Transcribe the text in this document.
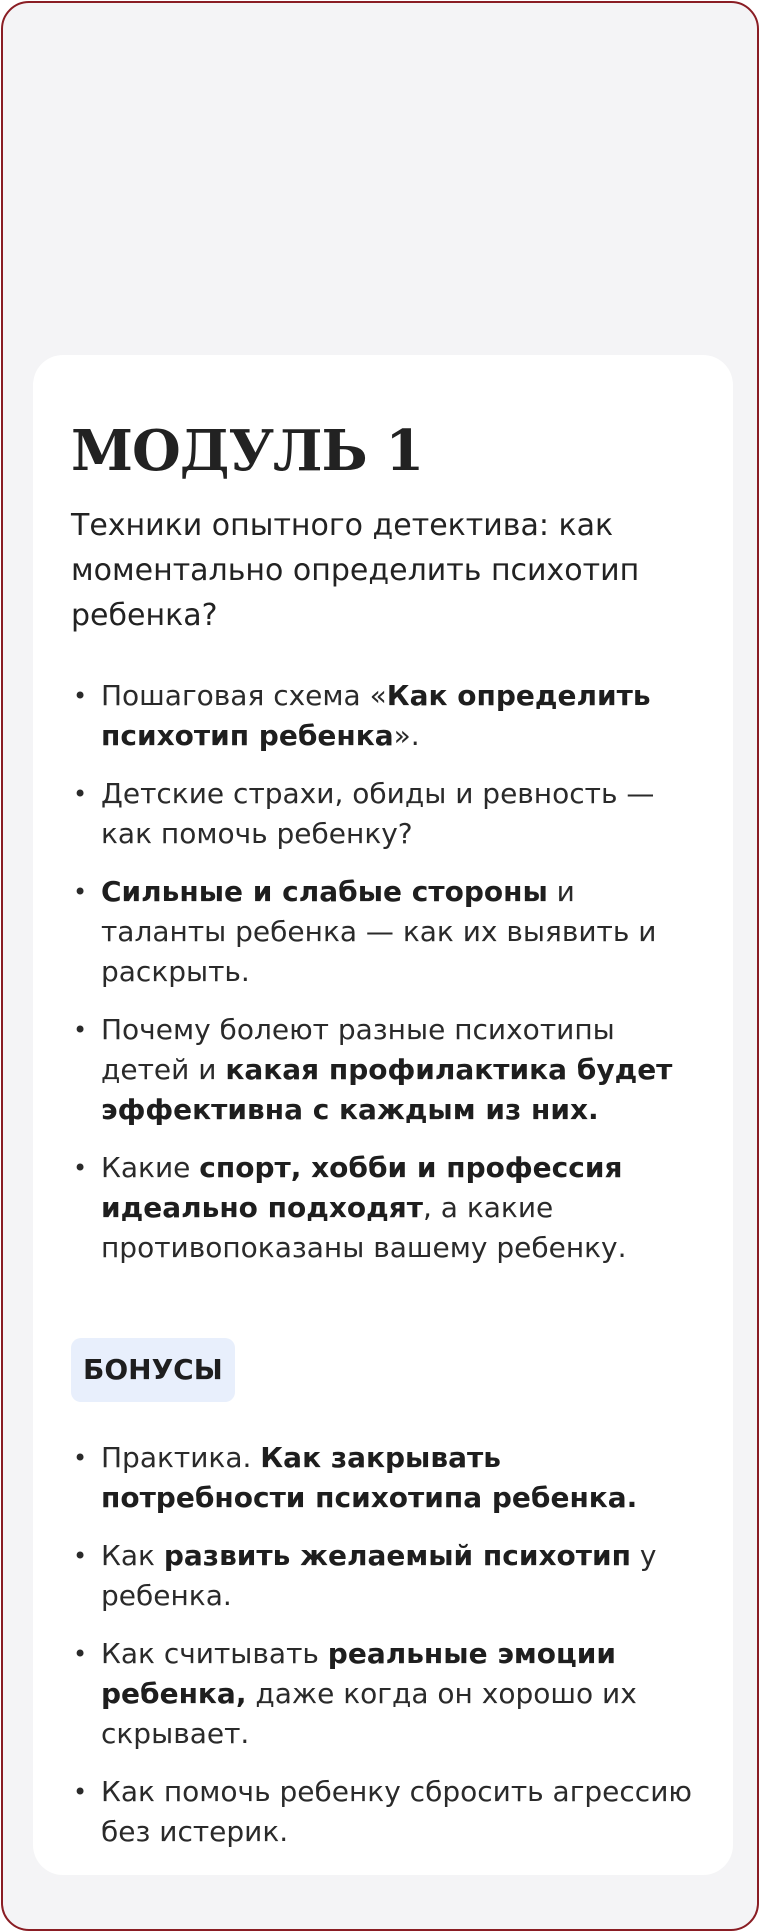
МОДУЛЬ 1

Техники опытного детектива: как моментально определить психотип ребенка?

• Пошаговая схема «Как определить психотип ребенка».
• Детские страхи, обиды и ревность — как помочь ребенку?
• Сильные и слабые стороны и таланты ребенка — как их выявить и раскрыть.
• Почему болеют разные психотипы детей и какая профилактика будет эффективна с каждым из них.
• Какие спорт, хобби и профессия идеально подходят, а какие противопоказаны вашему ребенку.
БОНУСЫ
• Практика. Как закрывать потребности психотипа ребенка.
• Как развить желаемый психотип у ребенка.
• Как считывать реальные эмоции ребенка, даже когда он хорошо их скрывает.
• Как помочь ребенку сбросить агрессию без истерик.
